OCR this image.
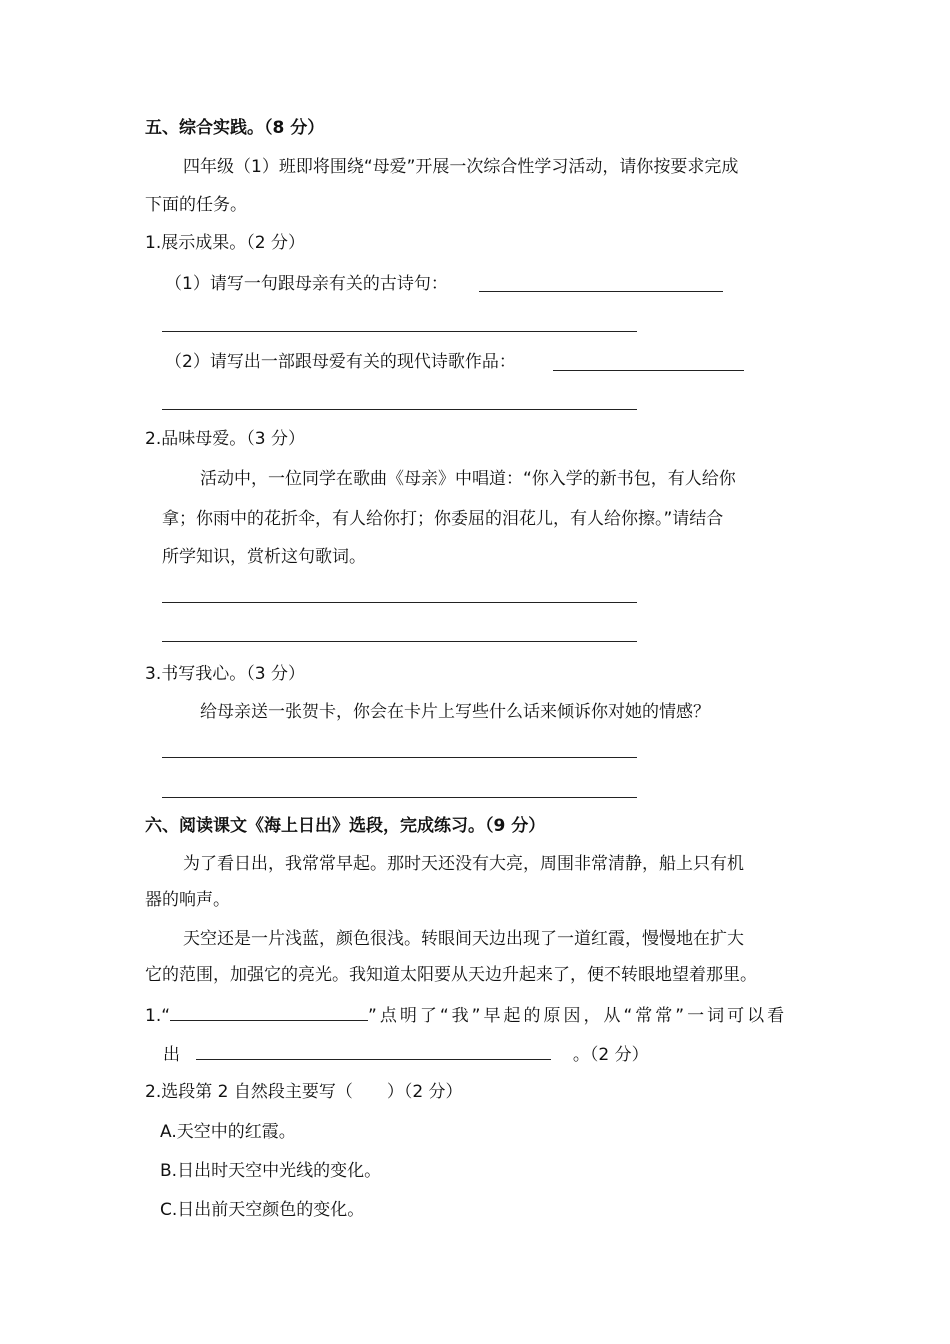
五、综合实践。（8 分）
四年级（1）班即将围绕“母爱”开展一次综合性学习活动，请你按要求完成
下面的任务。
1.展示成果。（2 分）
（1）请写一句跟母亲有关的古诗句：
（2）请写出一部跟母爱有关的现代诗歌作品：
2.品味母爱。（3 分）
活动中，一位同学在歌曲《母亲》中唱道：“你入学的新书包，有人给你
拿；你雨中的花折伞，有人给你打；你委屈的泪花儿，有人给你擦。”请结合
所学知识，赏析这句歌词。
3.书写我心。（3 分）
给母亲送一张贺卡，你会在卡片上写些什么话来倾诉你对她的情感？
六、阅读课文《海上日出》选段，完成练习。（9 分）
为了看日出，我常常早起。那时天还没有大亮，周围非常清静，船上只有机
器的响声。
天空还是一片浅蓝，颜色很浅。转眼间天边出现了一道红霞，慢慢地在扩大
它的范围，加强它的亮光。我知道太阳要从天边升起来了，便不转眼地望着那里。
1.“	”点明了“我”早起的原因，从“常常”一词可以看
出	。（2 分）
2.选段第 2 自然段主要写（　　）（2 分）
A.天空中的红霞。
B.日出时天空中光线的变化。
C.日出前天空颜色的变化。
